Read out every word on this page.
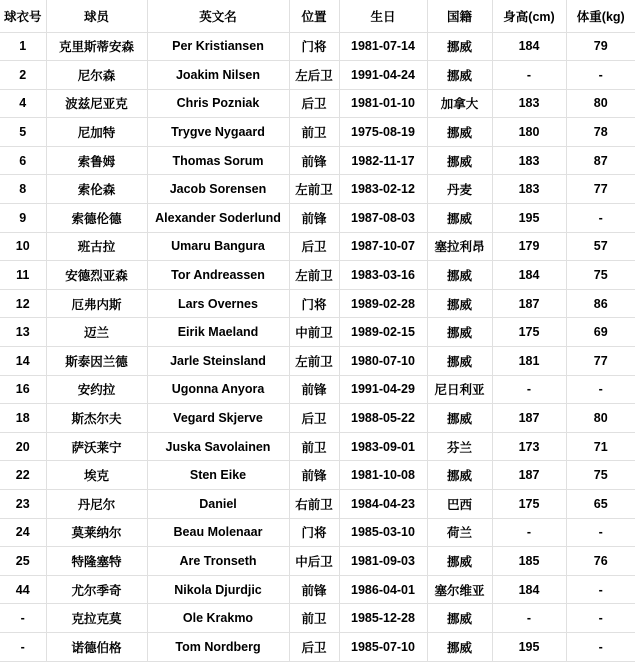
球衣号	球员	英文名	位置	生日	国籍	身高(cm)	体重(kg)
1	克里斯蒂安森	Per Kristiansen	门将	1981-07-14	挪威	184	79
2	尼尔森	Joakim Nilsen	左后卫	1991-04-24	挪威	-	-
4	波兹尼亚克	Chris Pozniak	后卫	1981-01-10	加拿大	183	80
5	尼加特	Trygve Nygaard	前卫	1975-08-19	挪威	180	78
6	索鲁姆	Thomas Sorum	前锋	1982-11-17	挪威	183	87
8	索伦森	Jacob Sorensen	左前卫	1983-02-12	丹麦	183	77
9	索德伦德	Alexander Soderlund	前锋	1987-08-03	挪威	195	-
10	班古拉	Umaru Bangura	后卫	1987-10-07	塞拉利昂	179	57
11	安德烈亚森	Tor Andreassen	左前卫	1983-03-16	挪威	184	75
12	厄弗内斯	Lars Overnes	门将	1989-02-28	挪威	187	86
13	迈兰	Eirik Maeland	中前卫	1989-02-15	挪威	175	69
14	斯泰因兰德	Jarle Steinsland	左前卫	1980-07-10	挪威	181	77
16	安约拉	Ugonna Anyora	前锋	1991-04-29	尼日利亚	-	-
18	斯杰尔夫	Vegard Skjerve	后卫	1988-05-22	挪威	187	80
20	萨沃莱宁	Juska Savolainen	前卫	1983-09-01	芬兰	173	71
22	埃克	Sten Eike	前锋	1981-10-08	挪威	187	75
23	丹尼尔	Daniel	右前卫	1984-04-23	巴西	175	65
24	莫莱纳尔	Beau Molenaar	门将	1985-03-10	荷兰	-	-
25	特隆塞特	Are Tronseth	中后卫	1981-09-03	挪威	185	76
44	尤尔季奇	Nikola Djurdjic	前锋	1986-04-01	塞尔维亚	184	-
-	克拉克莫	Ole Krakmo	前卫	1985-12-28	挪威	-	-
-	诺德伯格	Tom Nordberg	后卫	1985-07-10	挪威	195	-
